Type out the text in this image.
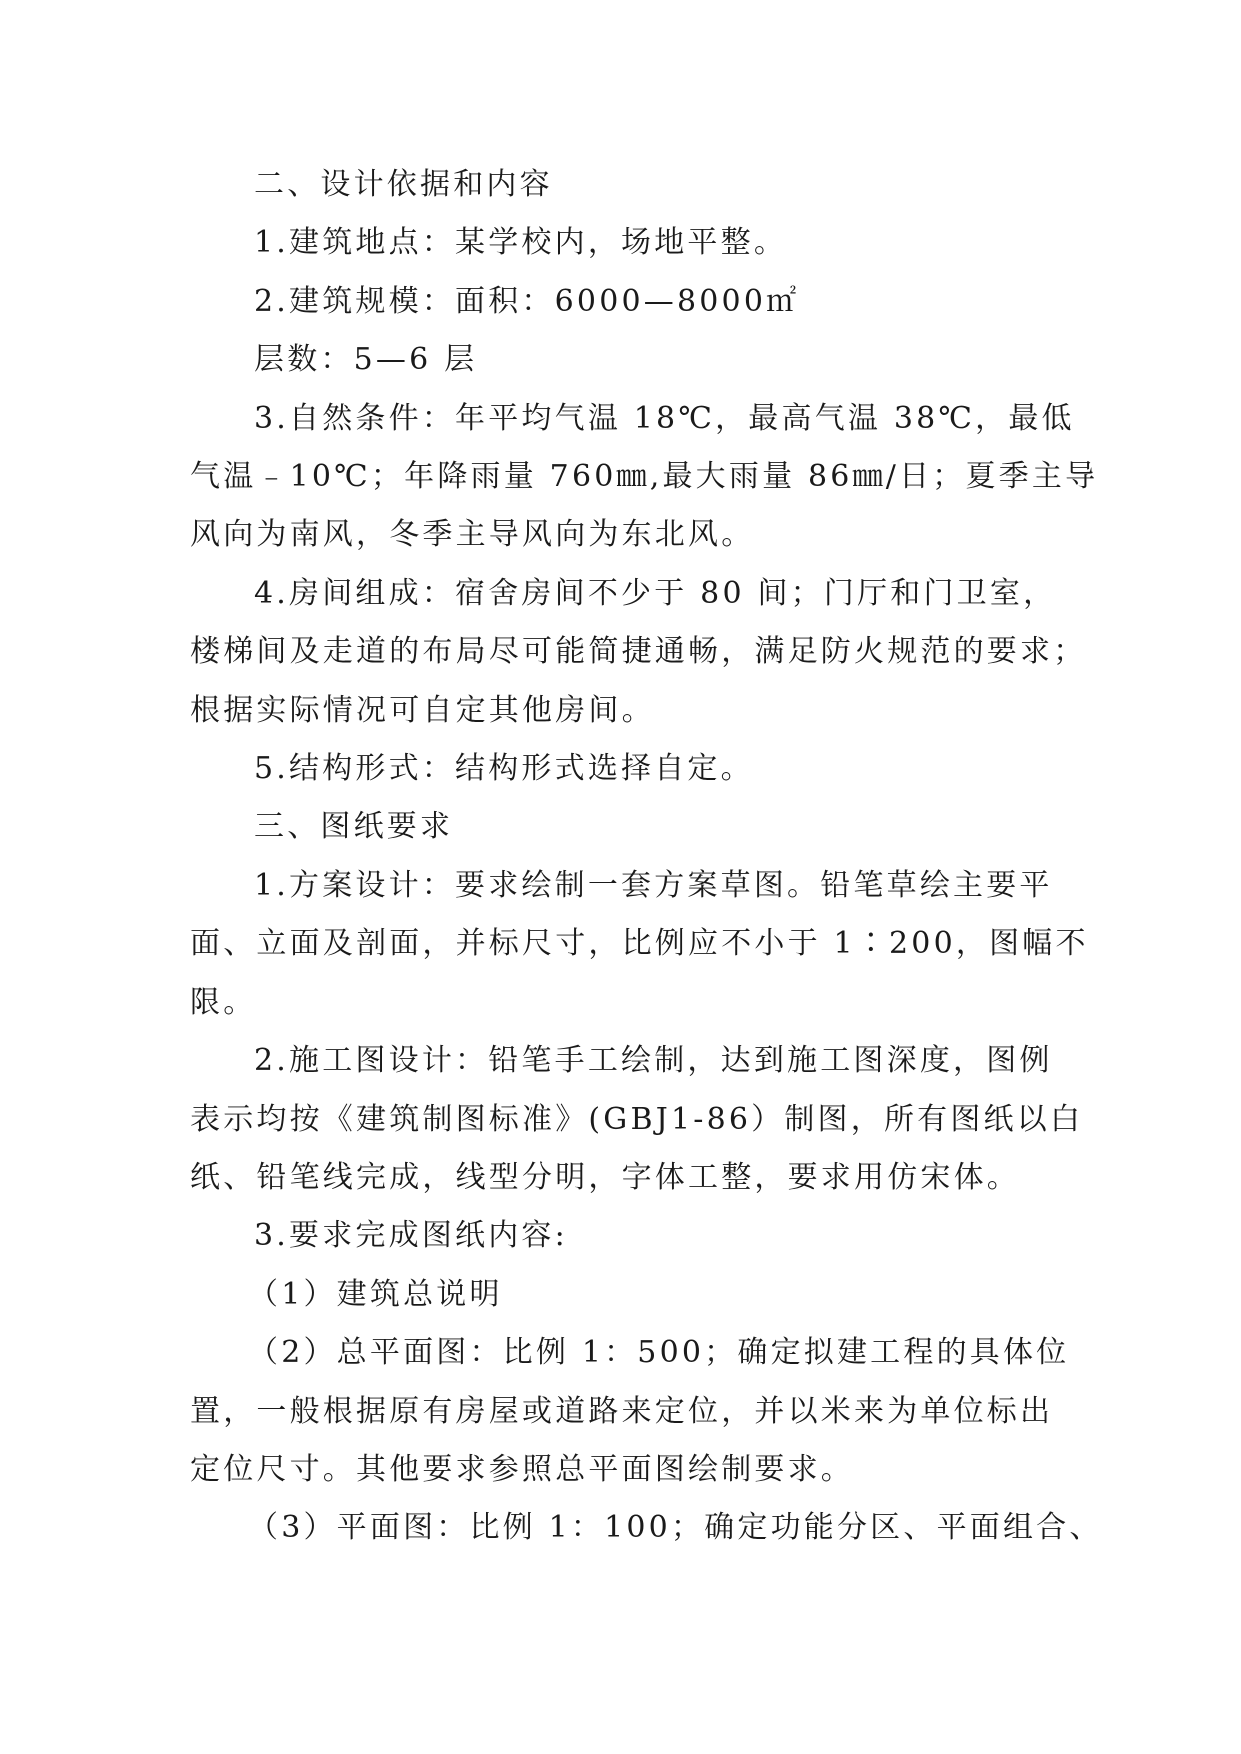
二、设计依据和内容

1.建筑地点：某学校内，场地平整。

2.建筑规模：面积：6000—8000㎡

层数：5—6 层

3.自然条件：年平均气温 18℃，最高气温 38℃，最低

气温﹣10℃；年降雨量 760㎜,最大雨量 86㎜/日；夏季主导

风向为南风，冬季主导风向为东北风。

4.房间组成：宿舍房间不少于 80 间；门厅和门卫室，

楼梯间及走道的布局尽可能简捷通畅，满足防火规范的要求；

根据实际情况可自定其他房间。

5.结构形式：结构形式选择自定。

三、图纸要求

1.方案设计：要求绘制一套方案草图。铅笔草绘主要平

面、立面及剖面，并标尺寸，比例应不小于 1∶200，图幅不

限。

2.施工图设计：铅笔手工绘制，达到施工图深度，图例

表示均按《建筑制图标准》(GBJ1-86）制图，所有图纸以白

纸、铅笔线完成，线型分明，字体工整，要求用仿宋体。

3.要求完成图纸内容:

（1）建筑总说明

（2）总平面图：比例 1：500；确定拟建工程的具体位

置，一般根据原有房屋或道路来定位，并以米来为单位标出

定位尺寸。其他要求参照总平面图绘制要求。

（3）平面图：比例 1：100；确定功能分区、平面组合、
